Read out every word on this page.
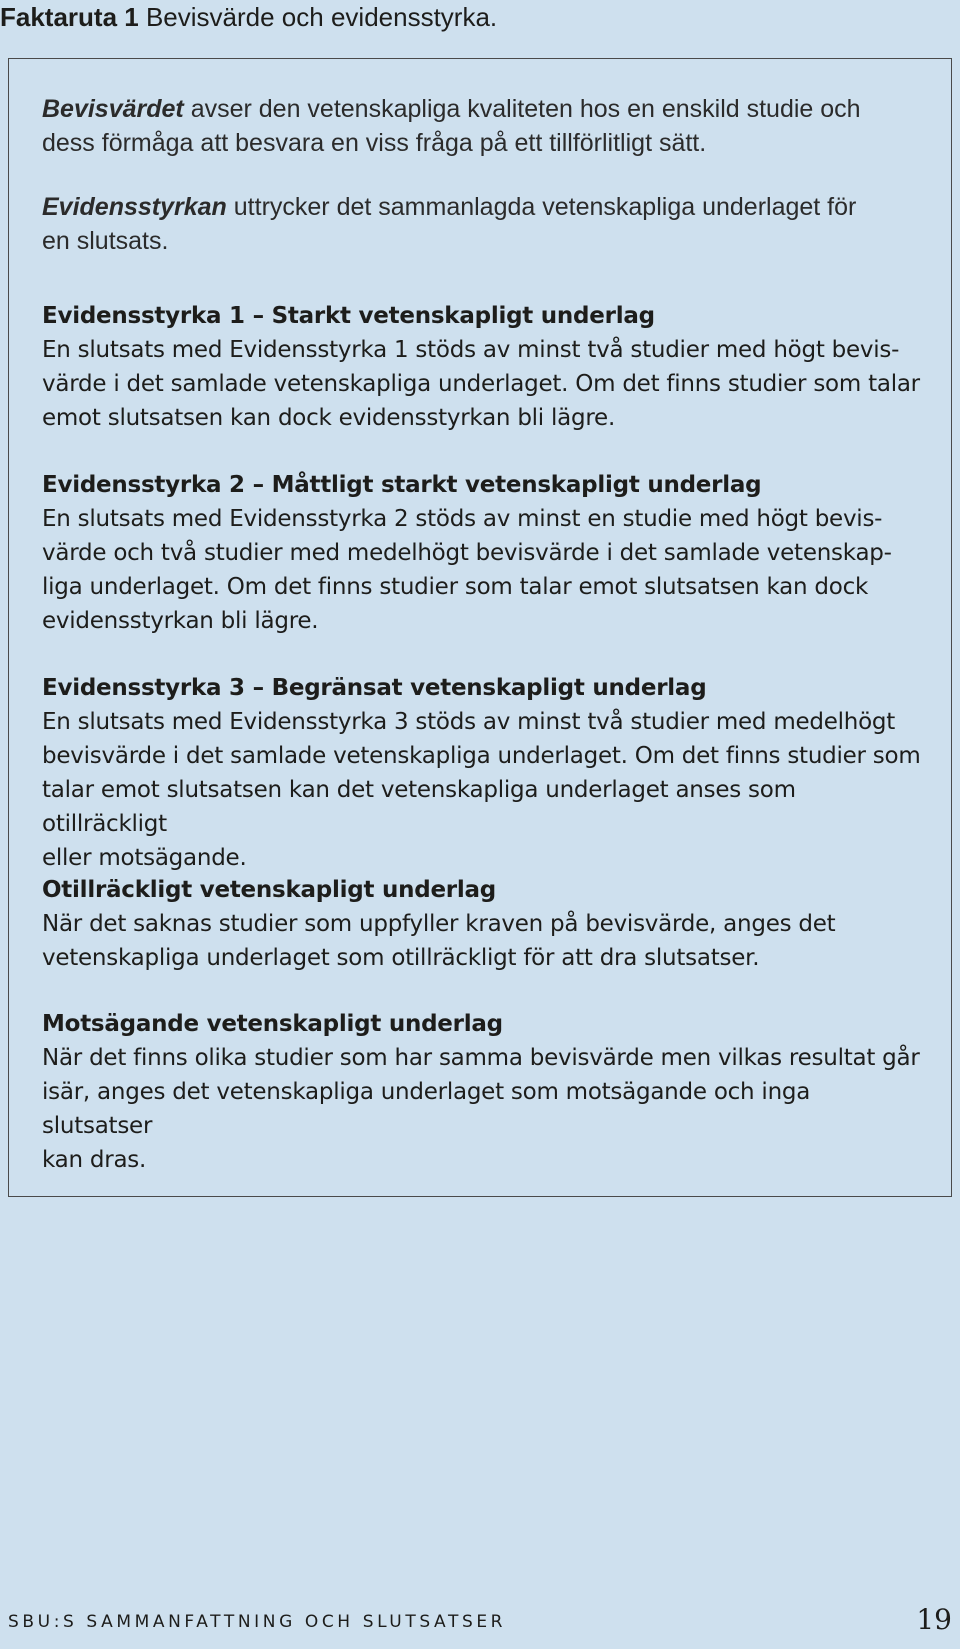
Faktaruta 1 Bevisvärde och evidensstyrka.
Bevisvärdet avser den vetenskapliga kvaliteten hos en enskild studie och
dess förmåga att besvara en viss fråga på ett tillförlitligt sätt.
Evidensstyrkan uttrycker det sammanlagda vetenskapliga underlaget för
en slutsats.
Evidensstyrka 1 – Starkt vetenskapligt underlag
En slutsats med Evidensstyrka 1 stöds av minst två studier med högt bevis-
värde i det samlade vetenskapliga underlaget. Om det finns studier som talar
emot slutsatsen kan dock evidensstyrkan bli lägre.
Evidensstyrka 2 – Måttligt starkt vetenskapligt underlag
En slutsats med Evidensstyrka 2 stöds av minst en studie med högt bevis-
värde och två studier med medelhögt bevisvärde i det samlade vetenskap-
liga underlaget. Om det finns studier som talar emot slutsatsen kan dock
evidensstyrkan bli lägre.
Evidensstyrka 3 – Begränsat vetenskapligt underlag
En slutsats med Evidensstyrka 3 stöds av minst två studier med medelhögt
bevisvärde i det samlade vetenskapliga underlaget. Om det finns studier som
talar emot slutsatsen kan det vetenskapliga underlaget anses som otillräckligt
eller motsägande.
Otillräckligt vetenskapligt underlag
När det saknas studier som uppfyller kraven på bevisvärde, anges det
vetenskapliga underlaget som otillräckligt för att dra slutsatser.
Motsägande vetenskapligt underlag
När det finns olika studier som har samma bevisvärde men vilkas resultat går
isär, anges det vetenskapliga underlaget som motsägande och inga slutsatser
kan dras.
SBU:S SAMMANFATTNING OCH SLUTSATSER	19
